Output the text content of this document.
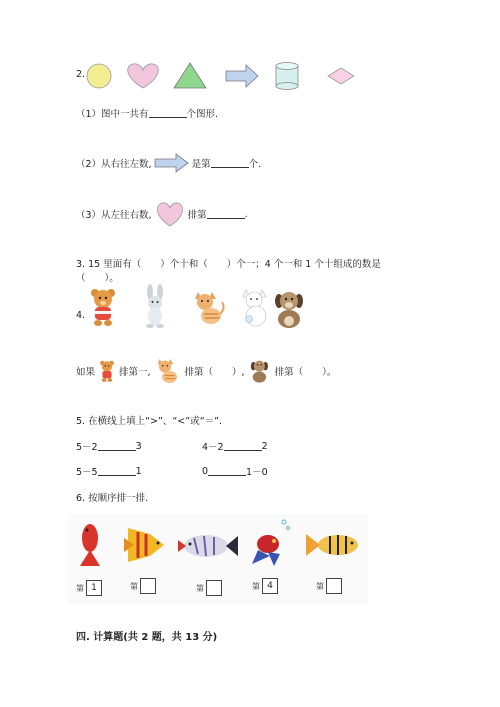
2.
（1）图中一共有	个图形.
（2）从右往左数,	是第	个.
（3）从左往右数,	排第	.
3. 15 里面有（　　）个十和（　　）个一；4 个一和 1 个十组成的数是
（　　）。
4.
如果	排第一,	排第（　　）,	排第（　　）。
5. 在横线上填上“>”、“<”或“＝”.
5－2	3	4－2	2
5－5	1	0	1－0
6. 按顺序排一排.
第 1	第	第	第 4	第
四. 计算题(共 2 题，共 13 分)
